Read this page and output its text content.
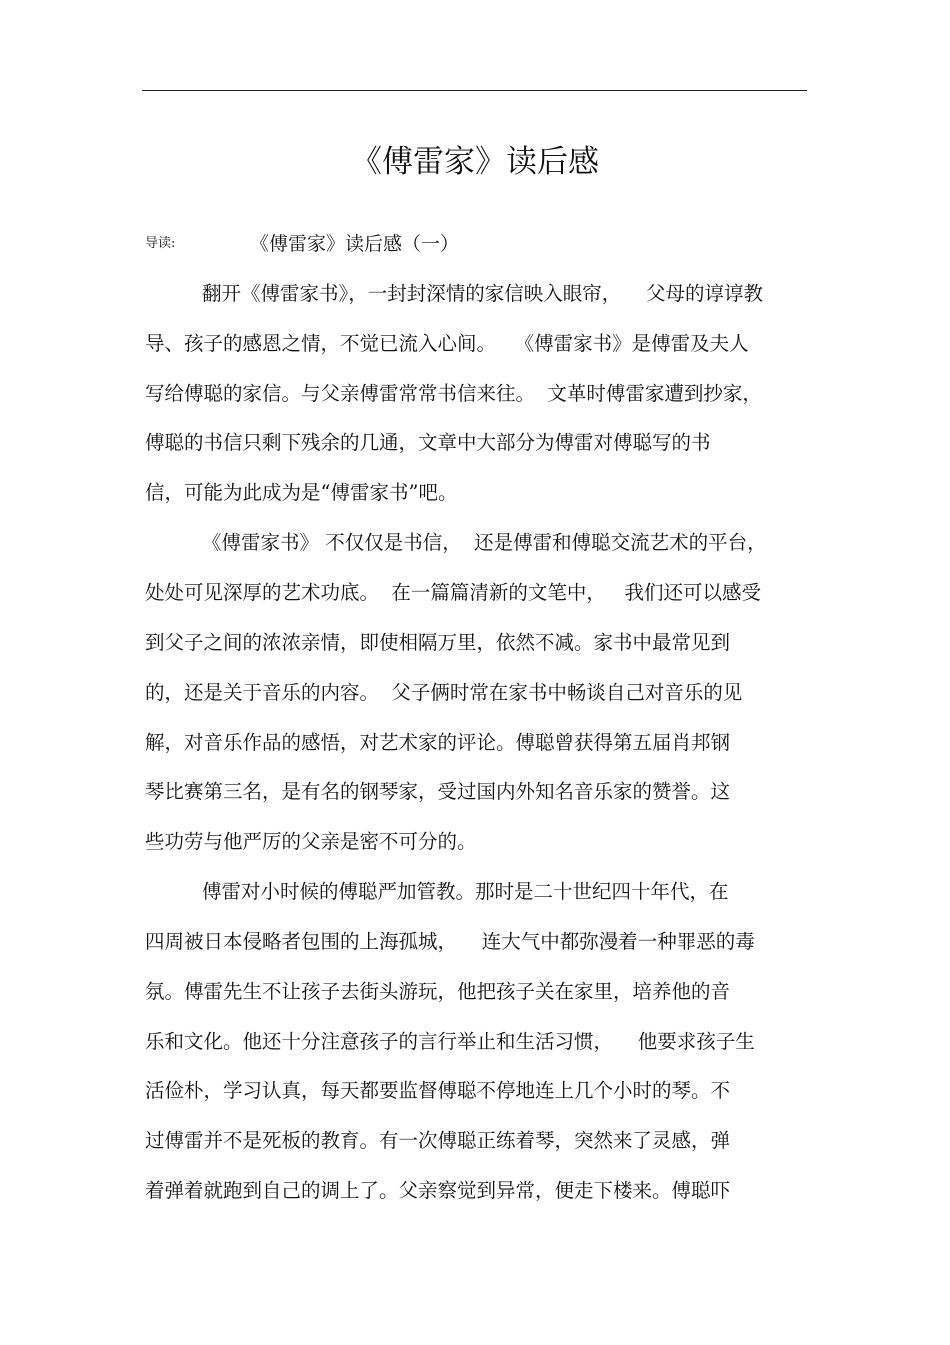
《傅雷家》读后感
导读:	《傅雷家》读后感（一）
翻开《傅雷家书》，一封封深情的家信映入眼帘，    父母的谆谆教
导、孩子的感恩之情，不觉已流入心间。   《傅雷家书》是傅雷及夫人
写给傅聪的家信。与父亲傅雷常常书信来往。  文革时傅雷家遭到抄家，
傅聪的书信只剩下残余的几通，文章中大部分为傅雷对傅聪写的书
信，可能为此成为是“傅雷家书”吧。
《傅雷家书》 不仅仅是书信，  还是傅雷和傅聪交流艺术的平台，
处处可见深厚的艺术功底。  在一篇篇清新的文笔中，   我们还可以感受
到父子之间的浓浓亲情，即使相隔万里，依然不减。家书中最常见到
的，还是关于音乐的内容。  父子俩时常在家书中畅谈自己对音乐的见
解，对音乐作品的感悟，对艺术家的评论。傅聪曾获得第五届肖邦钢
琴比赛第三名，是有名的钢琴家，受过国内外知名音乐家的赞誉。这
些功劳与他严厉的父亲是密不可分的。
傅雷对小时候的傅聪严加管教。那时是二十世纪四十年代，在
四周被日本侵略者包围的上海孤城，    连大气中都弥漫着一种罪恶的毒
氛。傅雷先生不让孩子去街头游玩，他把孩子关在家里，培养他的音
乐和文化。他还十分注意孩子的言行举止和生活习惯，    他要求孩子生
活俭朴，学习认真，每天都要监督傅聪不停地连上几个小时的琴。不
过傅雷并不是死板的教育。有一次傅聪正练着琴，突然来了灵感，弹
着弹着就跑到自己的调上了。父亲察觉到异常，便走下楼来。傅聪吓
